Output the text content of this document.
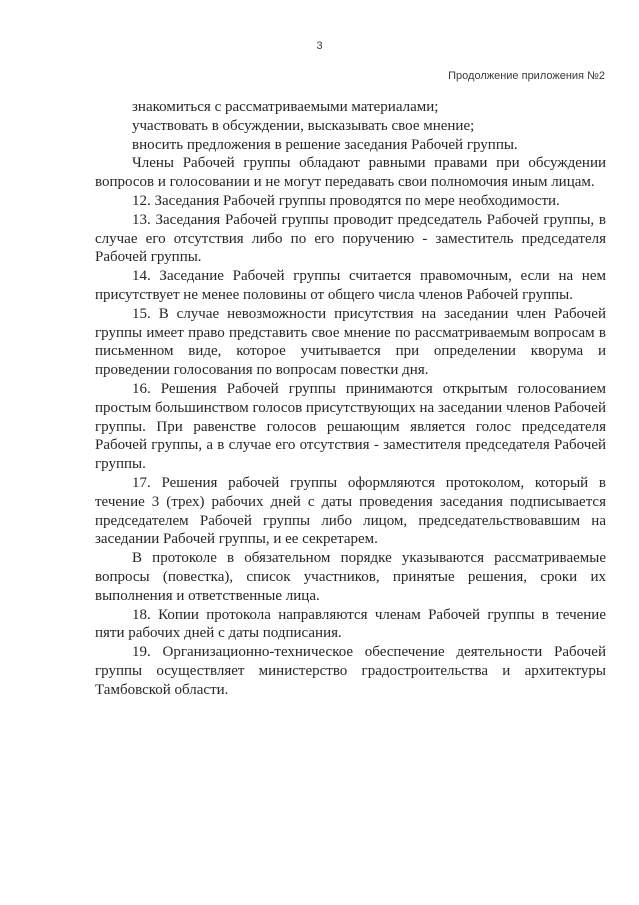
3
Продолжение приложения №2

знакомиться с рассматриваемыми материалами;

участвовать в обсуждении, высказывать свое мнение;

вносить предложения в решение заседания Рабочей группы.

Члены Рабочей группы обладают равными правами при обсуждении вопросов и голосовании и не могут передавать свои полномочия иным лицам.

12. Заседания Рабочей группы проводятся по мере необходимости.

13. Заседания Рабочей группы проводит председатель Рабочей группы, в случае его отсутствия либо по его поручению - заместитель председателя Рабочей группы.

14. Заседание Рабочей группы считается правомочным, если на нем присутствует не менее половины от общего числа членов Рабочей группы.

15. В случае невозможности присутствия на заседании член Рабочей группы имеет право представить свое мнение по рассматриваемым вопросам в письменном виде, которое учитывается при определении кворума и проведении голосования по вопросам повестки дня.

16. Решения Рабочей группы принимаются открытым голосованием простым большинством голосов присутствующих на заседании членов Рабочей группы. При равенстве голосов решающим является голос председателя Рабочей группы, а в случае его отсутствия - заместителя председателя Рабочей группы.

17. Решения рабочей группы оформляются протоколом, который в течение 3 (трех) рабочих дней с даты проведения заседания подписывается председателем Рабочей группы либо лицом, председательствовавшим на заседании Рабочей группы, и ее секретарем.

В протоколе в обязательном порядке указываются рассматриваемые вопросы (повестка), список участников, принятые решения, сроки их выполнения и ответственные лица.

18. Копии протокола направляются членам Рабочей группы в течение пяти рабочих дней с даты подписания.

19. Организационно-техническое обеспечение деятельности Рабочей группы осуществляет министерство градостроительства и архитектуры Тамбовской области.
